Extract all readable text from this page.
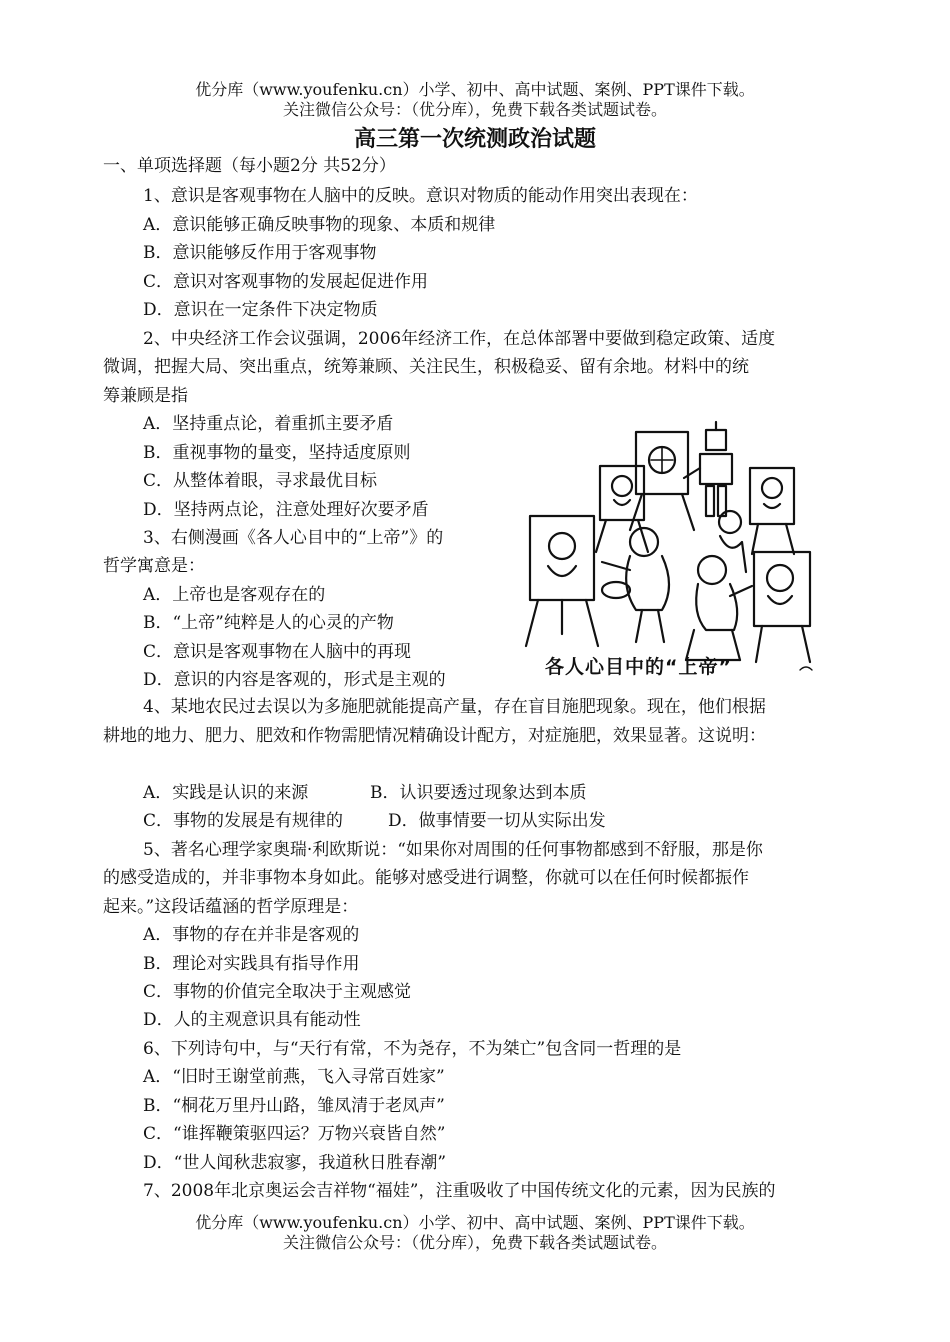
优分库（www.youfenku.cn）小学、初中、高中试题、案例、PPT课件下载。
关注微信公众号：（优分库），免费下载各类试题试卷。
高三第一次统测政治试题
一、单项选择题（每小题2分 共52分）
1、意识是客观事物在人脑中的反映。意识对物质的能动作用突出表现在：
A．意识能够正确反映事物的现象、本质和规律
B．意识能够反作用于客观事物
C．意识对客观事物的发展起促进作用
D．意识在一定条件下决定物质
2、中央经济工作会议强调，2006年经济工作，在总体部署中要做到稳定政策、适度
微调，把握大局、突出重点，统筹兼顾、关注民生，积极稳妥、留有余地。材料中的统
筹兼顾是指
A．坚持重点论，着重抓主要矛盾
B．重视事物的量变，坚持适度原则
C．从整体着眼，寻求最优目标
D．坚持两点论，注意处理好次要矛盾
3、右侧漫画《各人心目中的“上帝”》的
哲学寓意是：
A．上帝也是客观存在的
B．“上帝”纯粹是人的心灵的产物
C．意识是客观事物在人脑中的再现
D．意识的内容是客观的，形式是主观的
各人心目中的“上帝”
4、某地农民过去误以为多施肥就能提高产量，存在盲目施肥现象。现在，他们根据
耕地的地力、肥力、肥效和作物需肥情况精确设计配方，对症施肥，效果显著。这说明：
A．实践是认识的来源	B．认识要透过现象达到本质
C．事物的发展是有规律的	D．做事情要一切从实际出发
5、著名心理学家奥瑞·利欧斯说：“如果你对周围的任何事物都感到不舒服，那是你
的感受造成的，并非事物本身如此。能够对感受进行调整，你就可以在任何时候都振作
起来。”这段话蕴涵的哲学原理是：
A．事物的存在并非是客观的
B．理论对实践具有指导作用
C．事物的价值完全取决于主观感觉
D．人的主观意识具有能动性
6、下列诗句中，与“天行有常，不为尧存，不为桀亡”包含同一哲理的是
A．“旧时王谢堂前燕，飞入寻常百姓家”
B．“桐花万里丹山路，雏凤清于老凤声”
C．“谁挥鞭策驱四运？万物兴衰皆自然”
D．“世人闻秋悲寂寥，我道秋日胜春潮”
7、2008年北京奥运会吉祥物“福娃”，注重吸收了中国传统文化的元素，因为民族的
优分库（www.youfenku.cn）小学、初中、高中试题、案例、PPT课件下载。
关注微信公众号：（优分库），免费下载各类试题试卷。
